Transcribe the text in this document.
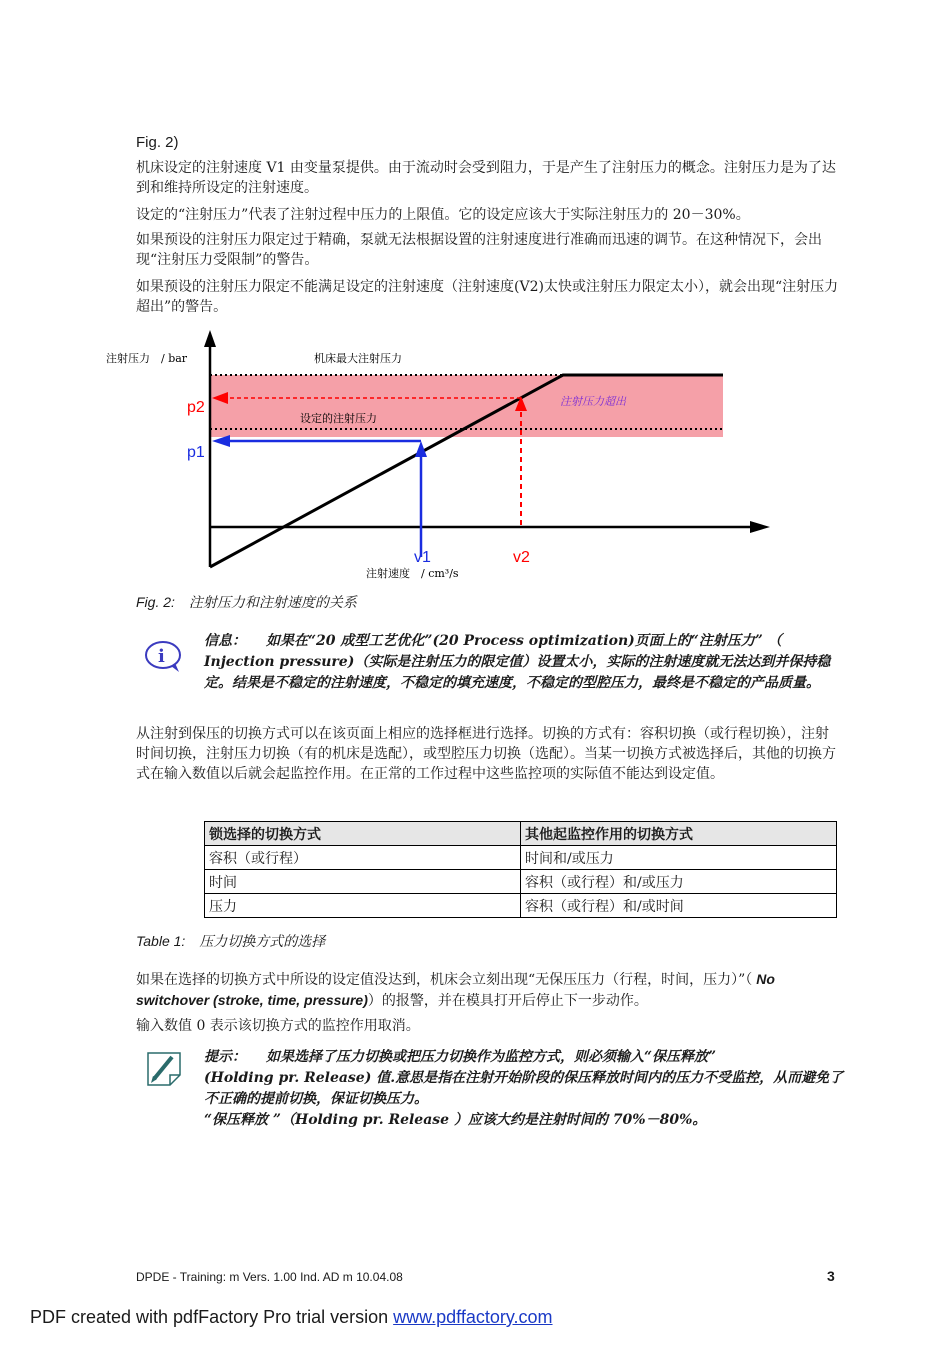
Fig. 2)
机床设定的注射速度 V1 由变量泵提供。由于流动时会受到阻力，于是产生了注射压力的概念。注射压力是为了达到和维持所设定的注射速度。
设定的“注射压力”代表了注射过程中压力的上限值。它的设定应该大于实际注射压力的 20－30%。
如果预设的注射压力限定过于精确，泵就无法根据设置的注射速度进行准确而迅速的调节。在这种情况下，会出现“注射压力受限制”的警告。
如果预设的注射压力限定不能满足设定的注射速度（注射速度(V2)太快或注射压力限定太小），就会出现“注射压力超出”的警告。
注射压力　/ bar	机床最大注射压力
设定的注射压力
注射压力超出
p2
p1
v1	v2
注射速度　/ cm³/s
Fig. 2: 注射压力和注射速度的关系
i
信息： 如果在“20 成型工艺优化”(20 Process optimization)页面上的“注射压力” （ Injection pressure)（实际是注射压力的限定值）设置太小，实际的注射速度就无法达到并保持稳定。结果是不稳定的注射速度，不稳定的填充速度，不稳定的型腔压力，最终是不稳定的产品质量。
从注射到保压的切换方式可以在该页面上相应的选择框进行选择。切换的方式有：容积切换（或行程切换），注射时间切换，注射压力切换（有的机床是选配），或型腔压力切换（选配）。当某一切换方式被选择后，其他的切换方式在输入数值以后就会起监控作用。在正常的工作过程中这些监控项的实际值不能达到设定值。
锁选择的切换方式	其他起监控作用的切换方式
容积（或行程）	时间和/或压力
时间	容积（或行程）和/或压力
压力	容积（或行程）和/或时间
Table 1: 压力切换方式的选择
如果在选择的切换方式中所设的设定值没达到，机床会立刻出现“无保压压力（行程，时间，压力）”（ No switchover (stroke, time, pressure)）的报警，并在模具打开后停止下一步动作。
输入数值 0 表示该切换方式的监控作用取消。
提示： 如果选择了压力切换或把压力切换作为监控方式，则必须输入“保压释放”
(Holding pr. Release) 值.意思是指在注射开始阶段的保压释放时间内的压力不受监控，从而避免了不正确的提前切换，保证切换压力。
“保压释放 ”（Holding pr. Release ）应该大约是注射时间的 70%－80%。
DPDE - Training: m Vers. 1.00 Ind. AD m 10.04.08	3
PDF created with pdfFactory Pro trial version www.pdffactory.com
